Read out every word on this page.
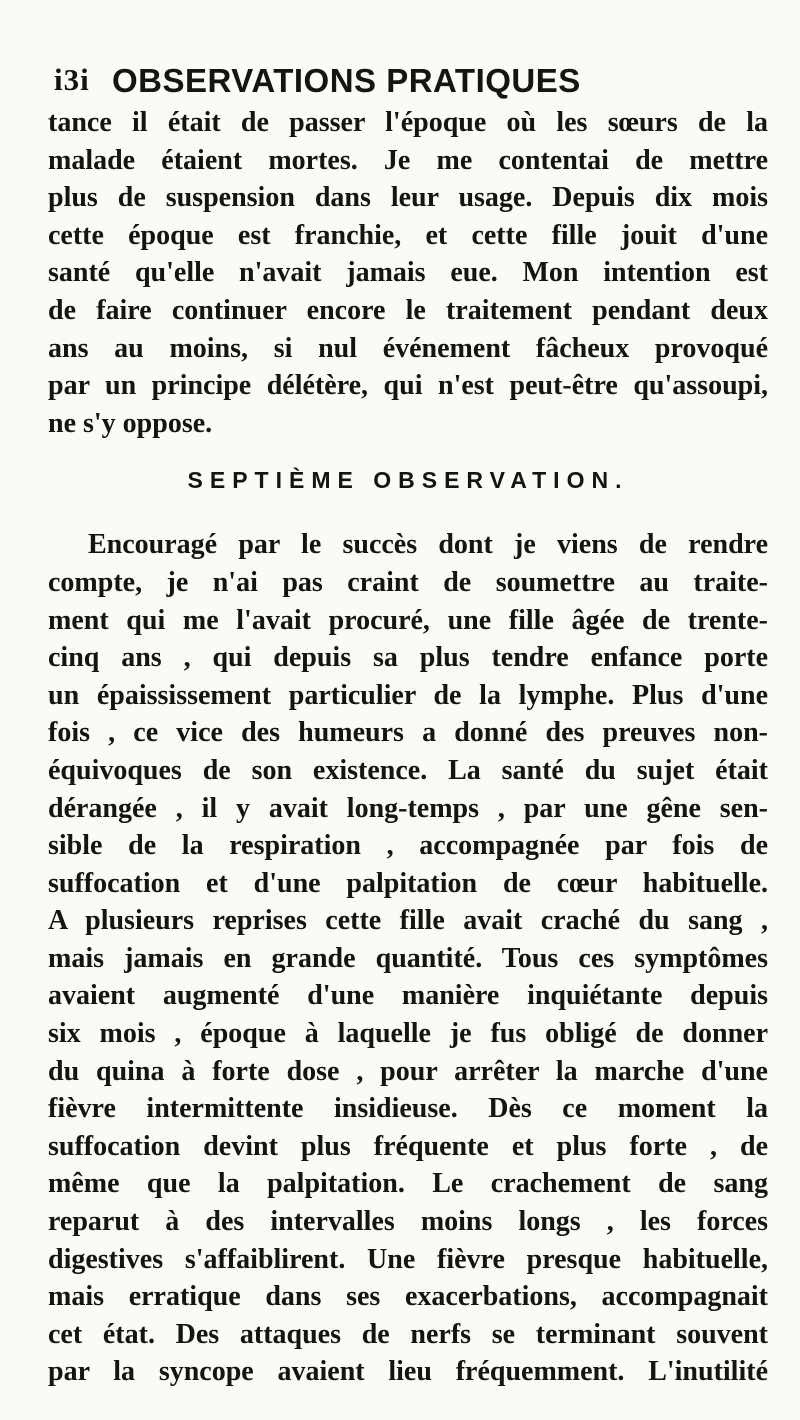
i3i OBSERVATIONS PRATIQUES
tance il était de passer l'époque où les sœurs de la
malade étaient mortes. Je me contentai de mettre
plus de suspension dans leur usage. Depuis dix mois
cette époque est franchie, et cette fille jouit d'une
santé qu'elle n'avait jamais eue. Mon intention est
de faire continuer encore le traitement pendant deux
ans au moins, si nul événement fâcheux provoqué
par un principe délétère, qui n'est peut-être qu'assoupi,
ne s'y oppose.
SEPTIÈME OBSERVATION.
Encouragé par le succès dont je viens de rendre
compte, je n'ai pas craint de soumettre au traite-
ment qui me l'avait procuré, une fille âgée de trente-
cinq ans , qui depuis sa plus tendre enfance porte
un épaississement particulier de la lymphe. Plus d'une
fois , ce vice des humeurs a donné des preuves non-
équivoques de son existence. La santé du sujet était
dérangée , il y avait long-temps , par une gêne sen-
sible de la respiration , accompagnée par fois de
suffocation et d'une palpitation de cœur habituelle.
A plusieurs reprises cette fille avait craché du sang ,
mais jamais en grande quantité. Tous ces symptômes
avaient augmenté d'une manière inquiétante depuis
six mois , époque à laquelle je fus obligé de donner
du quina à forte dose , pour arrêter la marche d'une
fièvre intermittente insidieuse. Dès ce moment la
suffocation devint plus fréquente et plus forte , de
même que la palpitation. Le crachement de sang
reparut à des intervalles moins longs , les forces
digestives s'affaiblirent. Une fièvre presque habituelle,
mais erratique dans ses exacerbations, accompagnait
cet état. Des attaques de nerfs se terminant souvent
par la syncope avaient lieu fréquemment. L'inutilité
